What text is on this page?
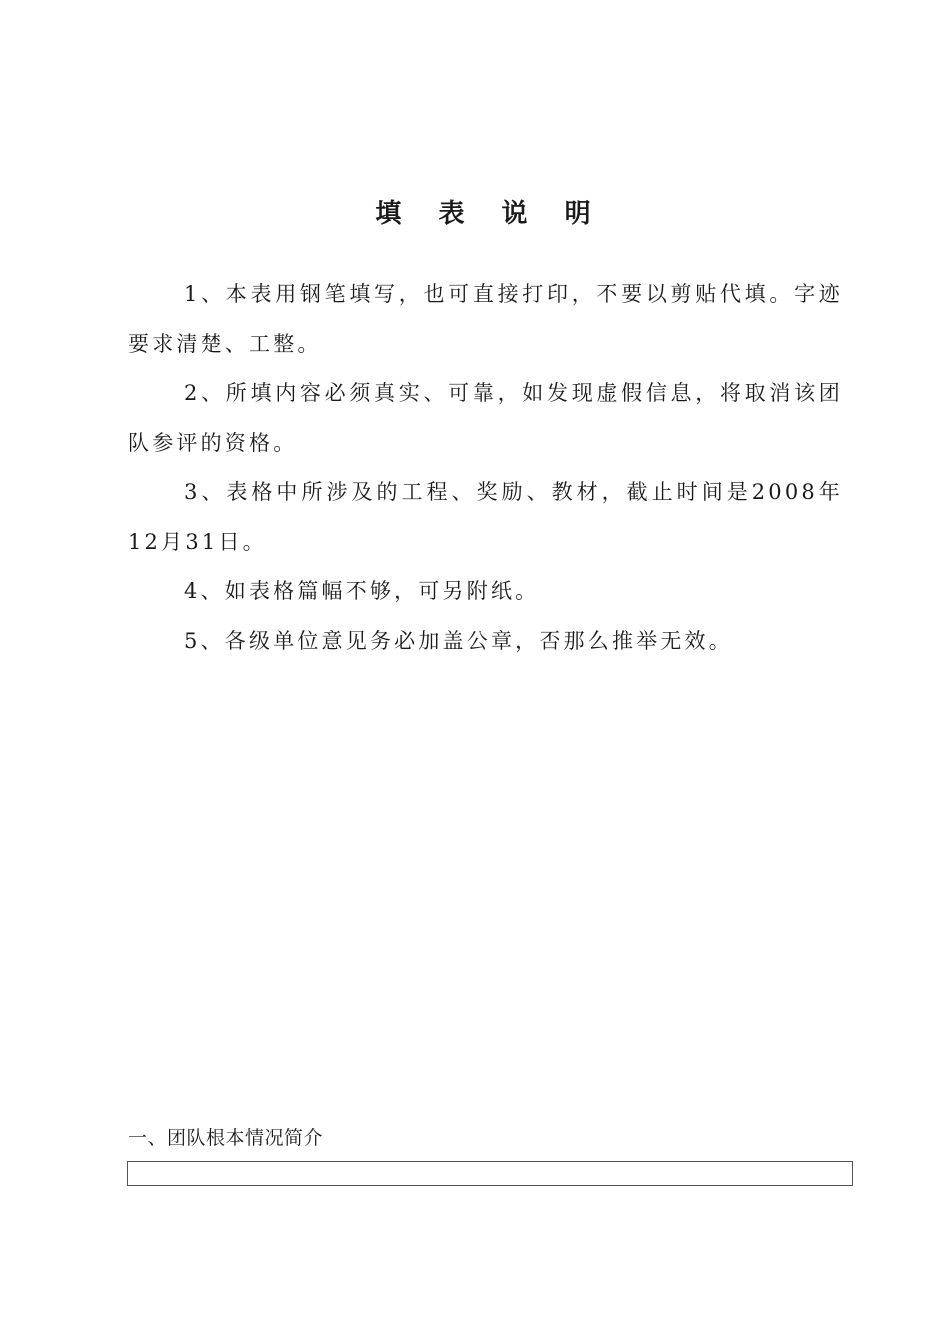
填 表 说 明
1、本表用钢笔填写，也可直接打印，不要以剪贴代填。字迹要求清楚、工整。
2、所填内容必须真实、可靠，如发现虚假信息，将取消该团队参评的资格。
3、表格中所涉及的工程、奖励、教材，截止时间是2008年12月31日。
4、如表格篇幅不够，可另附纸。
5、各级单位意见务必加盖公章，否那么推举无效。
一、团队根本情况简介
